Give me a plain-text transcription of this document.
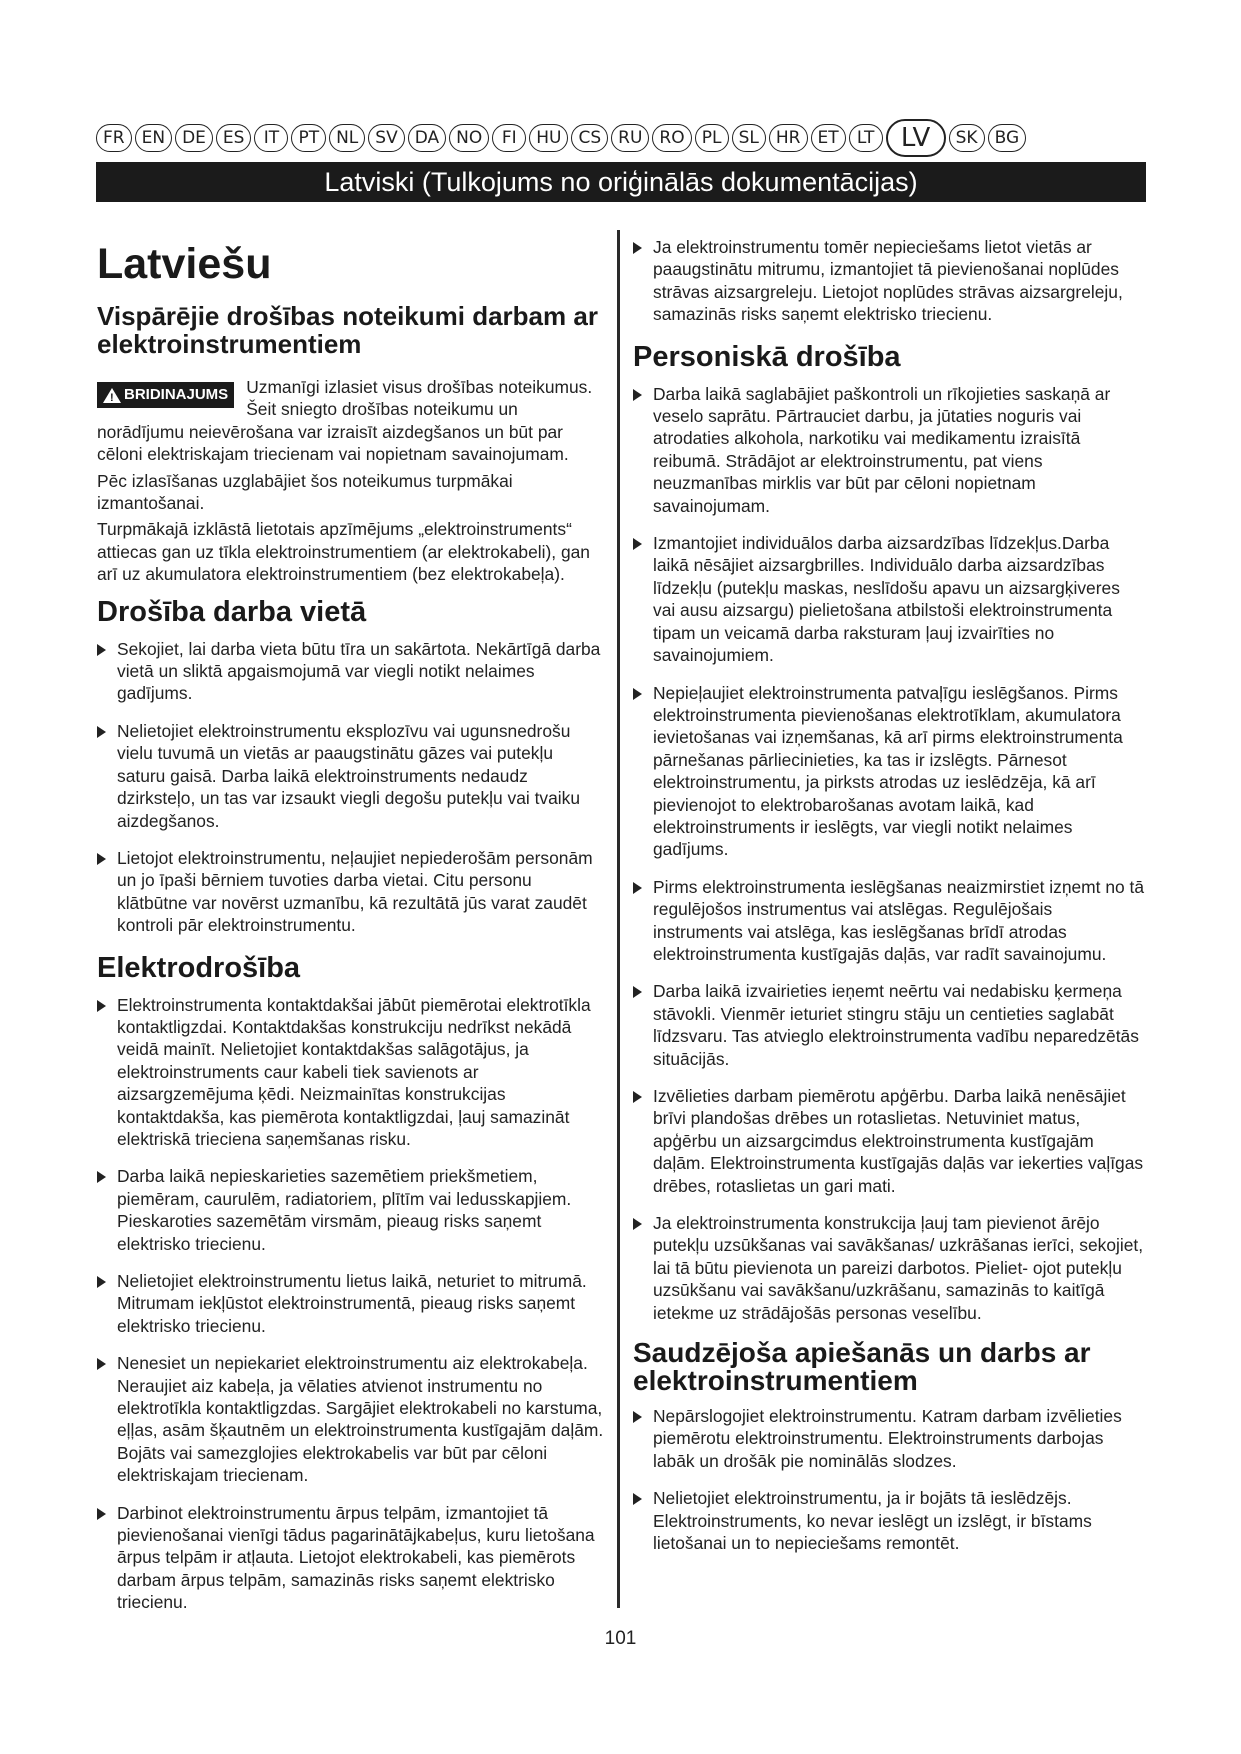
FR	EN	DE	ES	IT	PT	NL	SV	DA	NO	FI	HU	CS	RU	RO	PL	SL	HR	ET	LT	LV	SK	BG
Latviski (Tulkojums no oriģinālās dokumentācijas)
Latviešu
Vispārējie drošības noteikumi darbam ar elektroinstrumentiem
!
BRIDINAJUMS	Uzmanīgi izlasiet visus drošības noteikumus. Šeit sniegto drošības noteikumu un norādījumu neievērošana var izraisīt aizdegšanos un būt par cēloni elektriskajam triecienam vai nopietnam savainojumam.

Pēc izlasīšanas uzglabājiet šos noteikumus turpmākai izmantošanai.

Turpmākajā izklāstā lietotais apzīmējums „elektroinstruments“ attiecas gan uz tīkla elektroinstrumentiem (ar elektrokabeli), gan arī uz akumulatora elektroinstrumentiem (bez elektrokabeļa).

Drošība darba vietā
Sekojiet, lai darba vieta būtu tīra un sakārtota. Nekārtīgā darba vietā un sliktā apgaismojumā var viegli notikt nelaimes gadījums.
Nelietojiet elektroinstrumentu eksplozīvu vai ugunsnedrošu vielu tuvumā un vietās ar paaugstinātu gāzes vai putekļu saturu gaisā. Darba laikā elektroinstruments nedaudz dzirksteļo, un tas var izsaukt viegli degošu putekļu vai tvaiku aizdegšanos.
Lietojot elektroinstrumentu, neļaujiet nepiederošām personām un jo īpaši bērniem tuvoties darba vietai. Citu personu klātbūtne var novērst uzmanību, kā rezultātā jūs varat zaudēt kontroli pār elektroinstrumentu.
Elektrodrošība
Elektroinstrumenta kontaktdakšai jābūt piemērotai elektrotīkla kontaktligzdai. Kontaktdakšas konstrukciju nedrīkst nekādā veidā mainīt. Nelietojiet kontaktdakšas salāgotājus, ja elektroinstruments caur kabeli tiek savienots ar aizsargzemējuma ķēdi. Neizmainītas konstrukcijas kontaktdakša, kas piemērota kontaktligzdai, ļauj samazināt elektriskā trieciena saņemšanas risku.
Darba laikā nepieskarieties sazemētiem priekšmetiem, piemēram, caurulēm, radiatoriem, plītīm vai ledusskapjiem. Pieskaroties sazemētām virsmām, pieaug risks saņemt elektrisko triecienu.
Nelietojiet elektroinstrumentu lietus laikā, neturiet to mitrumā. Mitrumam iekļūstot elektroinstrumentā, pieaug risks saņemt elektrisko triecienu.
Nenesiet un nepiekariet elektroinstrumentu aiz elektrokabeļa. Neraujiet aiz kabeļa, ja vēlaties atvienot instrumentu no elektrotīkla kontaktligzdas. Sargājiet elektrokabeli no karstuma, eļļas, asām šķautnēm un elektroinstrumenta kustīgajām daļām. Bojāts vai samezglojies elektrokabelis var būt par cēloni elektriskajam triecienam.
Darbinot elektroinstrumentu ārpus telpām, izmantojiet tā pievienošanai vienīgi tādus pagarinātājkabeļus, kuru lietošana ārpus telpām ir atļauta. Lietojot elektrokabeli, kas piemērots darbam ārpus telpām, samazinās risks saņemt elektrisko triecienu.
Ja elektroinstrumentu tomēr nepieciešams lietot vietās ar paaugstinātu mitrumu, izmantojiet tā pievienošanai noplūdes strāvas aizsargreleju. Lietojot noplūdes strāvas aizsargreleju, samazinās risks saņemt elektrisko triecienu.
Personiskā drošība
Darba laikā saglabājiet paškontroli un rīkojieties saskaņā ar veselo saprātu. Pārtrauciet darbu, ja jūtaties noguris vai atrodaties alkohola, narkotiku vai medikamentu izraisītā reibumā. Strādājot ar elektroinstrumentu, pat viens neuzmanības mirklis var būt par cēloni nopietnam savainojumam.
Izmantojiet individuālos darba aizsardzības līdzekļus.Darba laikā nēsājiet aizsargbrilles. Individuālo darba aizsardzības līdzekļu (putekļu maskas, neslīdošu apavu un aizsargķiveres vai ausu aizsargu) pielietošana atbilstoši elektroinstrumenta tipam un veicamā darba raksturam ļauj izvairīties no savainojumiem.
Nepieļaujiet elektroinstrumenta patvaļīgu ieslēgšanos. Pirms elektroinstrumenta pievienošanas elektrotīklam, akumulatora ievietošanas vai izņemšanas, kā arī pirms elektroinstrumenta pārnešanas pārliecinieties, ka tas ir izslēgts. Pārnesot elektroinstrumentu, ja pirksts atrodas uz ieslēdzēja, kā arī pievienojot to elektrobarošanas avotam laikā, kad elektroinstruments ir ieslēgts, var viegli notikt nelaimes gadījums.
Pirms elektroinstrumenta ieslēgšanas neaizmirstiet izņemt no tā regulējošos instrumentus vai atslēgas. Regulējošais instruments vai atslēga, kas ieslēgšanas brīdī atrodas elektroinstrumenta kustīgajās daļās, var radīt savainojumu.
Darba laikā izvairieties ieņemt neērtu vai nedabisku ķermeņa stāvokli. Vienmēr ieturiet stingru stāju un centieties saglabāt līdzsvaru. Tas atvieglo elektroinstrumenta vadību neparedzētās situācijās.
Izvēlieties darbam piemērotu apģērbu. Darba laikā nenēsājiet brīvi plandošas drēbes un rotaslietas. Netuviniet matus, apģērbu un aizsargcimdus elektroinstrumenta kustīgajām daļām. Elektroinstrumenta kustīgajās daļās var iekerties vaļīgas drēbes, rotaslietas un gari mati.
Ja elektroinstrumenta konstrukcija ļauj tam pievienot ārējo putekļu uzsūkšanas vai savākšanas/ uzkrāšanas ierīci, sekojiet, lai tā būtu pievienota un pareizi darbotos. Pieliet- ojot putekļu uzsūkšanu vai savākšanu/uzkrāšanu, samazinās to kaitīgā ietekme uz strādājošās personas veselību.
Saudzējoša apiešanās un darbs ar elektroinstrumentiem
Nepārslogojiet elektroinstrumentu. Katram darbam izvēlieties piemērotu elektroinstrumentu. Elektroinstruments darbojas labāk un drošāk pie nominālās slodzes.
Nelietojiet elektroinstrumentu, ja ir bojāts tā ieslēdzējs. Elektroinstruments, ko nevar ieslēgt un izslēgt, ir bīstams lietošanai un to nepieciešams remontēt.
101
